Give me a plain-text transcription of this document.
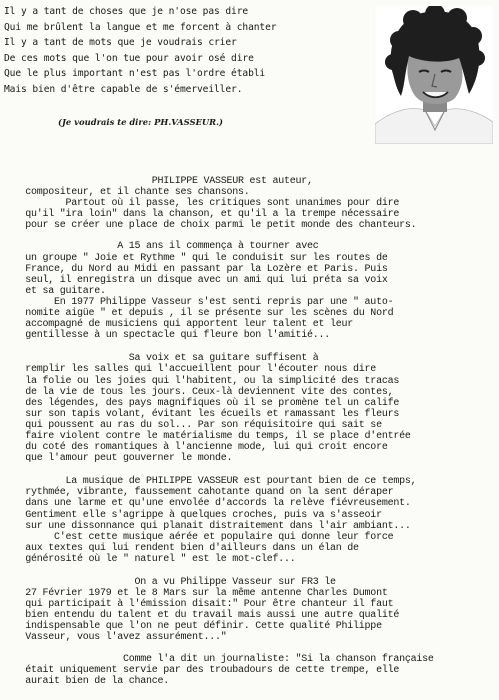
Il y a tant de choses que je n'ose pas dire
Qui me brûlent la langue et me forcent à chanter
Il y a tant de mots que je voudrais crier
De ces mots que l'on tue pour avoir osé dire
Que le plus important n'est pas l'ordre établi
Mais bien d'être capable de s'émerveiller.
(Je voudrais te dire: PH.VASSEUR.)

PHILIPPE VASSEUR est auteur,
compositeur, et il chante ses chansons.
Partout où il passe, les critiques sont unanimes pour dire
qu'il "ira loin" dans la chanson, et qu'il a la trempe nécessaire
pour se créer une place de choix parmi le petit monde des chanteurs.

A 15 ans il commença à tourner avec
un groupe " Joie et Rythme " qui le conduisit sur les routes de
France, du Nord au Midi en passant par la Lozère et Paris. Puis
seul, il enregistra un disque avec un ami qui lui préta sa voix
et sa guitare.
En 1977 Philippe Vasseur s'est senti repris par une " auto-
nomite aigüe " et depuis , il se présente sur les scènes du Nord
accompagné de musiciens qui apportent leur talent et leur
gentillesse à un spectacle qui fleure bon l'amitié...

Sa voix et sa guitare suffisent à
remplir les salles qui l'accueillent pour l'écouter nous dire
la folie ou les joies qui l'habitent, ou la simplicité des tracas
de la vie de tous les jours. Ceux-là deviennent vite des contes,
des légendes, des pays magnifiques où il se promène tel un calife
sur son tapis volant, évitant les écueils et ramassant les fleurs
qui poussent au ras du sol... Par son réquisitoire qui sait se
faire violent contre le matérialisme du temps, il se place d'entrée
du coté des romantiques à l'ancienne mode, lui qui croit encore
que l'amour peut gouverner le monde.

La musique de PHILIPPE VASSEUR est pourtant bien de ce temps,
rythmée, vibrante, faussement cahotante quand on la sent déraper
dans une larme et qu'une envolée d'accords la relève fiévreusement.
Gentiment elle s'agrippe à quelques croches, puis va s'asseoir
sur une dissonnance qui planait distraitement dans l'air ambiant...
C'est cette musique aérée et populaire qui donne leur force
aux textes qui lui rendent bien d'ailleurs dans un élan de
générosité où le " naturel " est le mot-clef...

On a vu Philippe Vasseur sur FR3 le
27 Février 1979 et le 8 Mars sur la même antenne Charles Dumont
qui participait à l'émission disait:" Pour être chanteur il faut
bien entendu du talent et du travail mais aussi une autre qualité
indispensable que l'on ne peut définir. Cette qualité Philippe
Vasseur, vous l'avez assurément..."

Comme l'a dit un journaliste: "Si la chanson française
était uniquement servie par des troubadours de cette trempe, elle
aurait bien de la chance.
